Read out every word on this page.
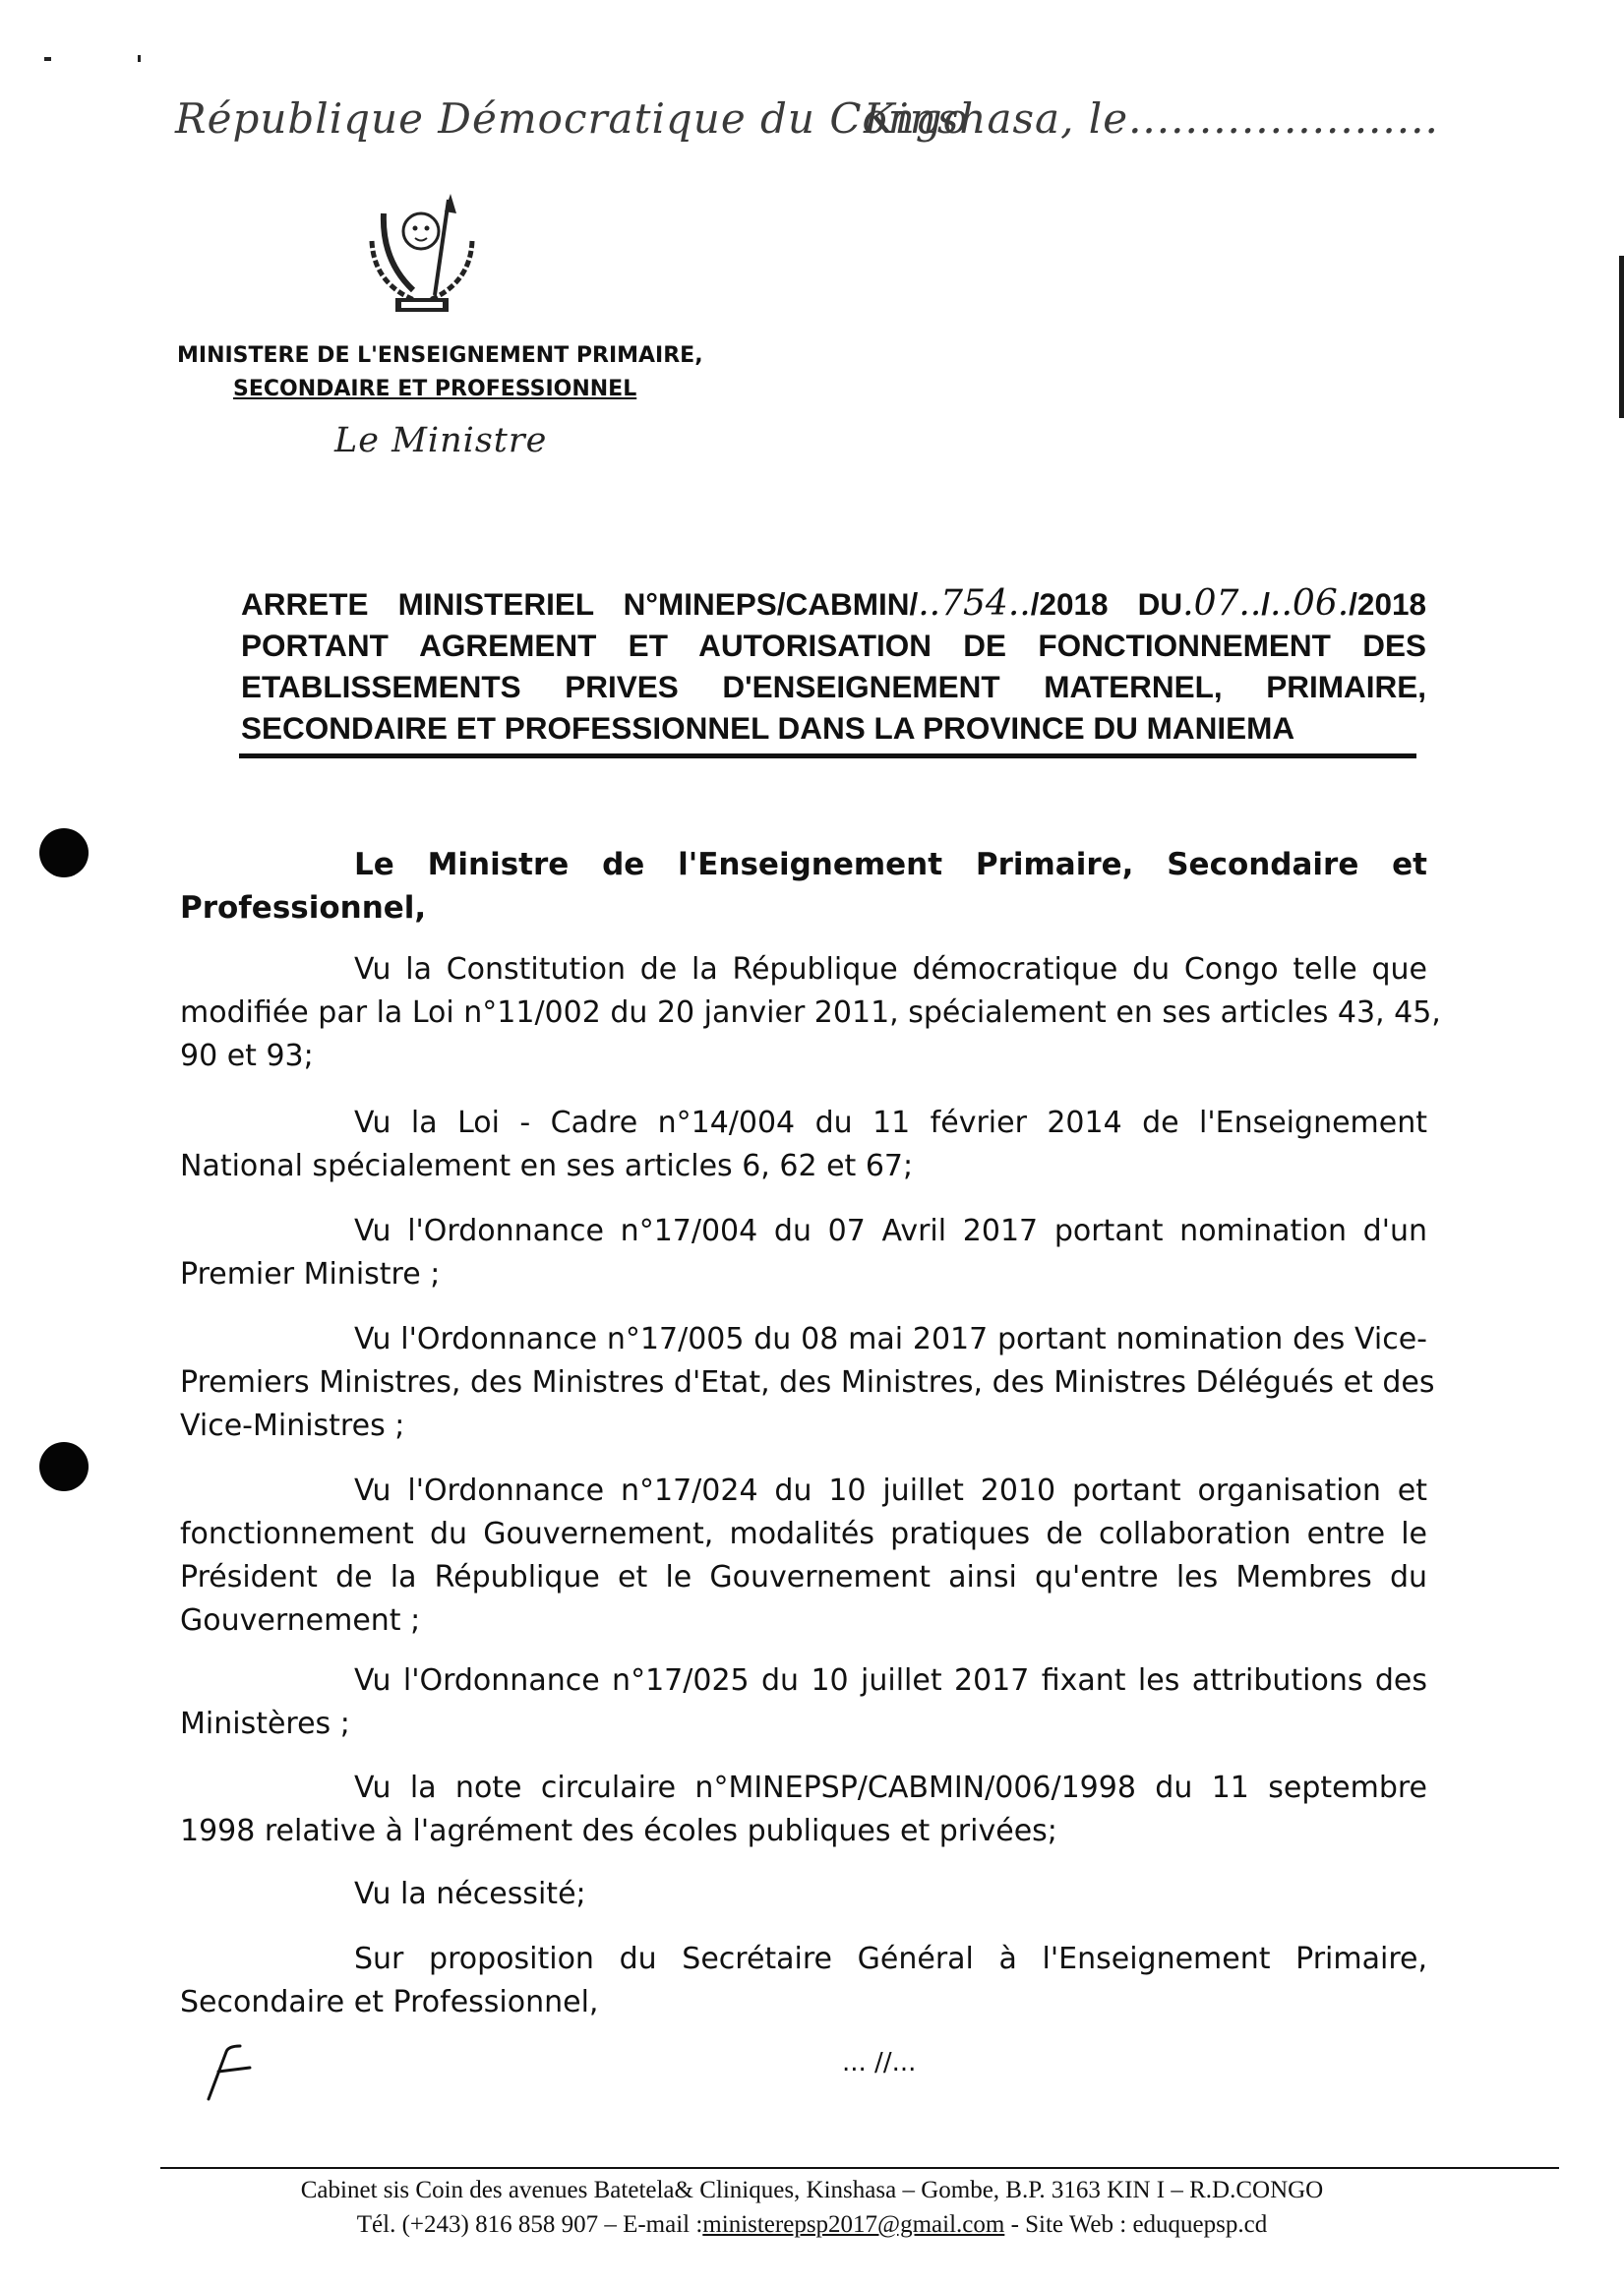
République Démocratique du Congo
Kinshasa, le......................
MINISTERE DE L'ENSEIGNEMENT PRIMAIRE,
SECONDAIRE ET PROFESSIONNEL
Le Ministre
ARRETE MINISTERIEL N°MINEPS/CABMIN/..754../2018 DU.07../..06./2018
PORTANT AGREMENT ET AUTORISATION DE FONCTIONNEMENT DES
ETABLISSEMENTS PRIVES D'ENSEIGNEMENT MATERNEL, PRIMAIRE,
SECONDAIRE ET PROFESSIONNEL DANS LA PROVINCE DU MANIEMA
Le Ministre de l'Enseignement Primaire, Secondaire et
Professionnel,
Vu la Constitution de la République démocratique du Congo telle que
modifiée par la Loi n°11/002 du 20 janvier 2011, spécialement en ses articles 43, 45,
90 et 93;
Vu la Loi - Cadre n°14/004 du 11 février 2014 de l'Enseignement
National spécialement en ses articles 6, 62 et 67;
Vu l'Ordonnance n°17/004 du 07 Avril 2017 portant nomination d'un
Premier Ministre ;
Vu l'Ordonnance n°17/005 du 08 mai 2017 portant nomination des Vice-
Premiers Ministres, des Ministres d'Etat, des Ministres, des Ministres Délégués et des
Vice-Ministres ;
Vu l'Ordonnance n°17/024 du 10 juillet 2010 portant organisation et
fonctionnement du Gouvernement, modalités pratiques de collaboration entre le
Président de la République et le Gouvernement ainsi qu'entre les Membres du
Gouvernement ;
Vu l'Ordonnance n°17/025 du 10 juillet 2017 fixant les attributions des
Ministères ;
Vu la note circulaire n°MINEPSP/CABMIN/006/1998 du 11 septembre
1998 relative à l'agrément des écoles publiques et privées;
Vu la nécessité;
Sur proposition du Secrétaire Général à l'Enseignement Primaire,
Secondaire et Professionnel,
... //...
Cabinet sis Coin des avenues Batetela& Cliniques, Kinshasa – Gombe, B.P. 3163 KIN I – R.D.CONGO
Tél. (+243) 816 858 907 – E-mail :ministerepsp2017@gmail.com - Site Web : eduquepsp.cd
